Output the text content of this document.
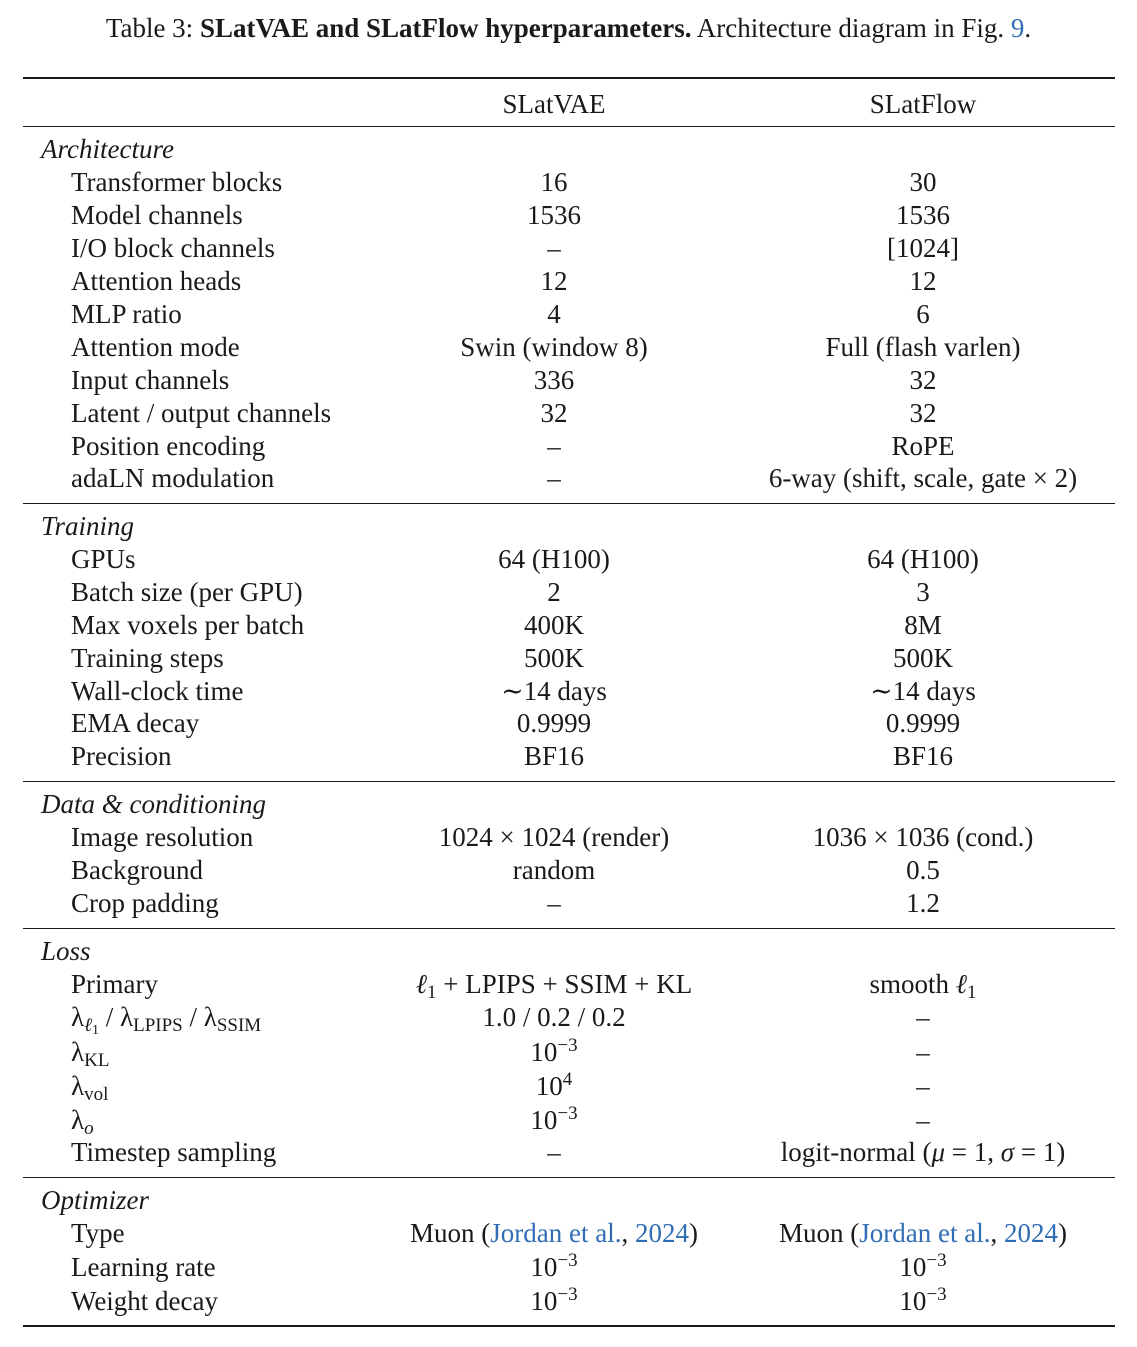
Table 3: SLatVAE and SLatFlow hyperparameters. Architecture diagram in Fig. 9.
SLatVAE	SLatFlow
Architecture
Transformer blocks	16	30
Model channels	1536	1536
I/O block channels	–	[1024]
Attention heads	12	12
MLP ratio	4	6
Attention mode	Swin (window 8)	Full (flash varlen)
Input channels	336	32
Latent / output channels	32	32
Position encoding	–	RoPE
adaLN modulation	–	6-way (shift, scale, gate × 2)
Training
GPUs	64 (H100)	64 (H100)
Batch size (per GPU)	2	3
Max voxels per batch	400K	8M
Training steps	500K	500K
Wall-clock time	∼14 days	∼14 days
EMA decay	0.9999	0.9999
Precision	BF16	BF16
Data & conditioning
Image resolution	1024 × 1024 (render)	1036 × 1036 (cond.)
Background	random	0.5
Crop padding	–	1.2
Loss
Primary	ℓ$_1$ + LPIPS + SSIM + KL	smooth ℓ$_1$
$\lambda_{\ell_1} / \lambda_{LPIPS} / \lambda_{SSIM}$	1.0 / 0.2 / 0.2	–
$\lambda_{KL}$	$10^{-3}$	–
$\lambda_{vol}$	$10^4$	–
$\lambda_o$	$10^{-3}$	–
Timestep sampling	–	logit-normal (μ = 1, σ = 1)
Optimizer
Type	Muon (Jordan et al., 2024)	Muon (Jordan et al., 2024)
Learning rate	$10^{-3}$	$10^{-3}$
Weight decay	$10^{-3}$	$10^{-3}$
